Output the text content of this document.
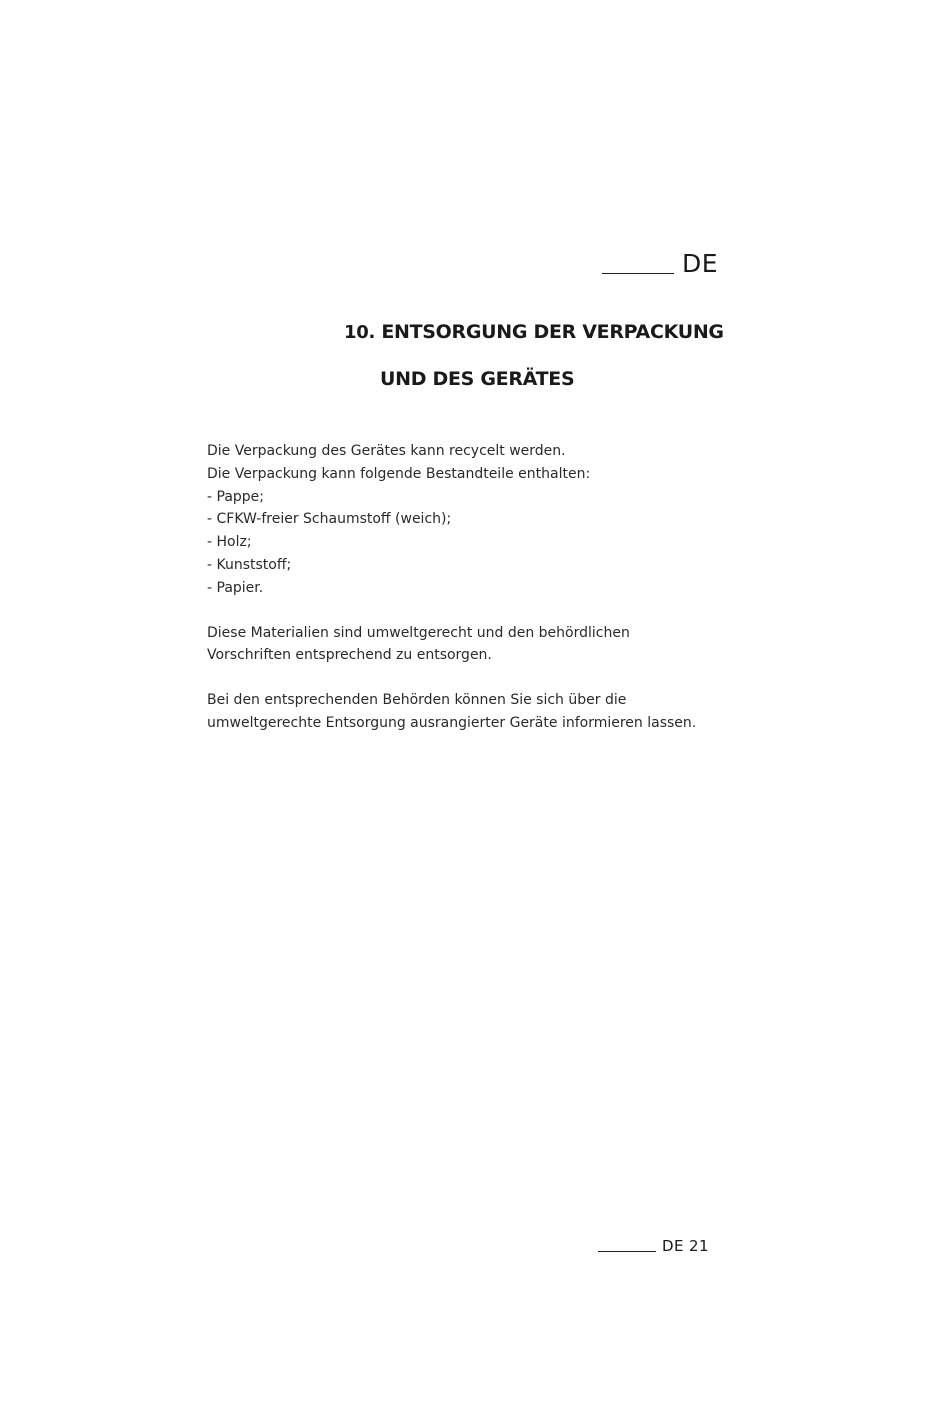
DE
10. ENTSORGUNG DER VERPACKUNG
UND DES GERÄTES

Die Verpackung des Gerätes kann recycelt werden.

Die Verpackung kann folgende Bestandteile enthalten:

- Pappe;
- CFKW-freier Schaumstoff (weich);
- Holz;
- Kunststoff;
- Papier.

Diese Materialien sind umweltgerecht und den behördlichen

Vorschriften entsprechend zu entsorgen.

Bei den entsprechenden Behörden können Sie sich über die

umweltgerechte Entsorgung ausrangierter Geräte informieren lassen.

DE 21
